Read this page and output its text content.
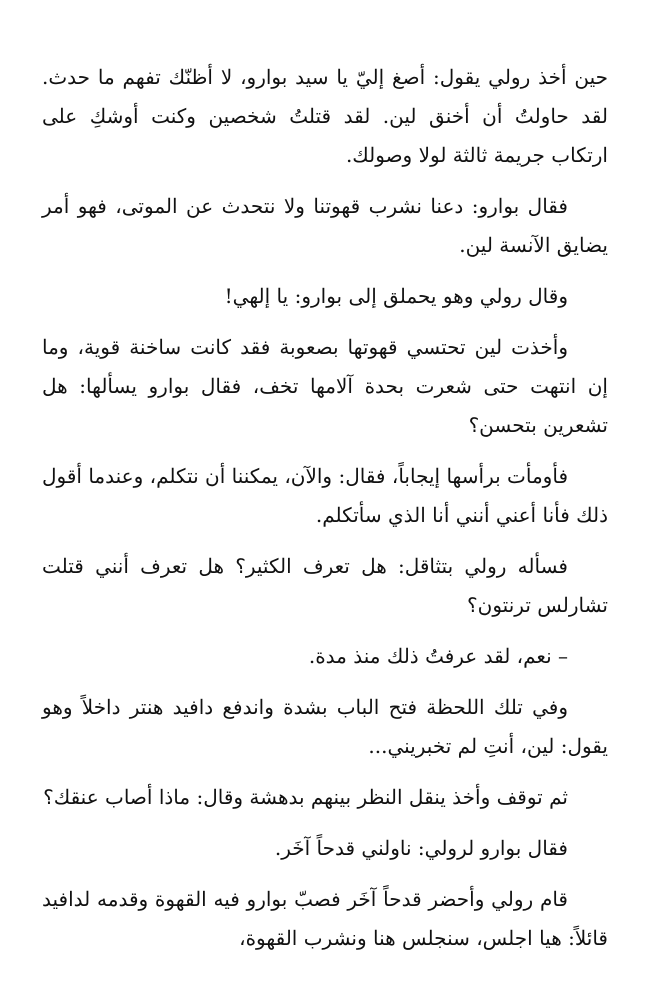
حين أخذ رولي يقول: أصغ إليّ يا سيد بوارو، لا أظنّك تفهم ما حدث. لقد حاولتُ أن أخنق لين. لقد قتلتُ شخصين وكنت أوشكِ على ارتكاب جريمة ثالثة لولا وصولك.

فقال بوارو: دعنا نشرب قهوتنا ولا نتحدث عن الموتى، فهو أمر يضايق الآنسة لين.

وقال رولي وهو يحملق إلى بوارو: يا إلهي!

وأخذت لين تحتسي قهوتها بصعوبة فقد كانت ساخنة قوية، وما إن انتهت حتى شعرت بحدة آلامها تخف، فقال بوارو يسألها: هل تشعرين بتحسن؟

فأومأت برأسها إيجاباً، فقال: والآن، يمكننا أن نتكلم، وعندما أقول ذلك فأنا أعني أنني أنا الذي سأتكلم.

فسأله رولي بتثاقل: هل تعرف الكثير؟ هل تعرف أنني قتلت تشارلس ترنتون؟

– نعم، لقد عرفتُ ذلك منذ مدة.

وفي تلك اللحظة فتح الباب بشدة واندفع دافيد هنتر داخلاً وهو يقول: لين، أنتِ لم تخبريني...

ثم توقف وأخذ ينقل النظر بينهم بدهشة وقال: ماذا أصاب عنقك؟

فقال بوارو لرولي: ناولني قدحاً آخَر.

قام رولي وأحضر قدحاً آخَر فصبّ بوارو فيه القهوة وقدمه لدافيد قائلاً: هيا اجلس، سنجلس هنا ونشرب القهوة،
